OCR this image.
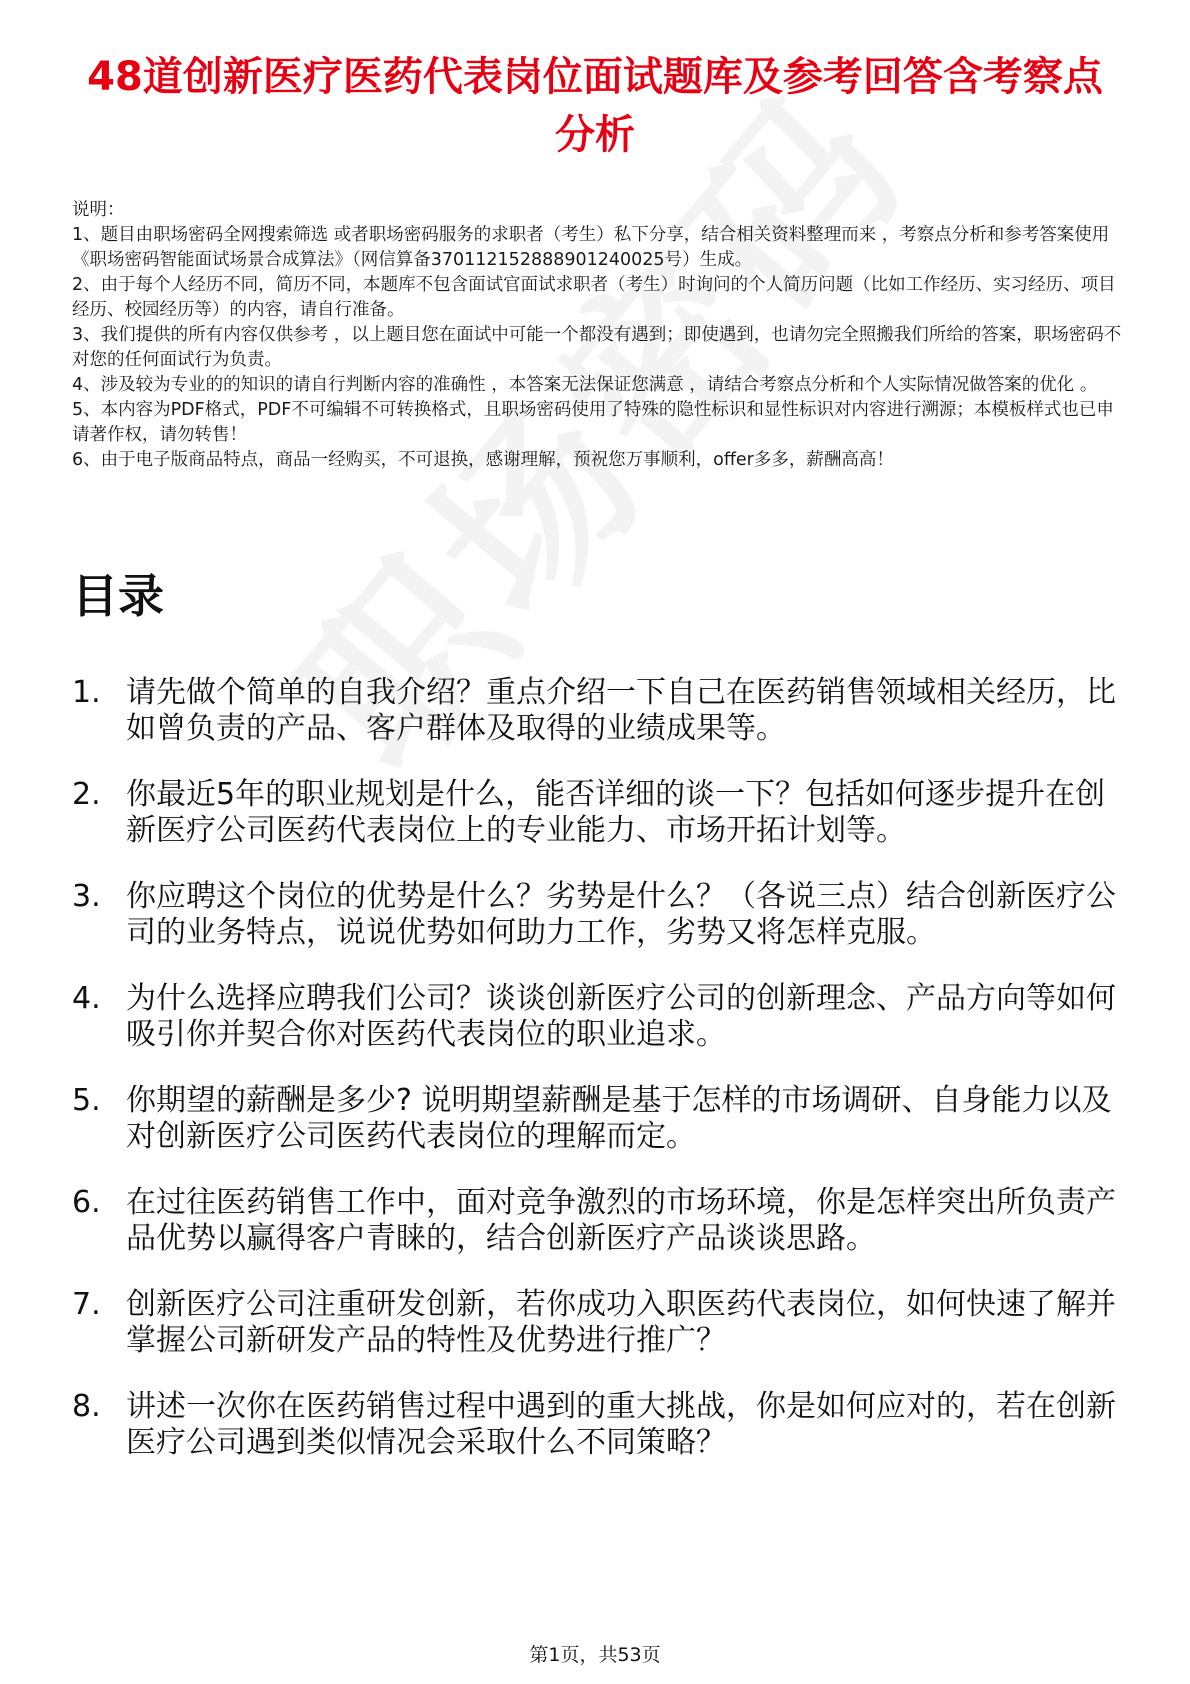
48道创新医疗医药代表岗位面试题库及参考回答含考察点分析

说明：

1、题目由职场密码全网搜索筛选 或者职场密码服务的求职者（考生）私下分享，结合相关资料整理而来 ，考察点分析和参考答案使用《职场密码智能面试场景合成算法》（网信算备370112152888901240025号）生成。

2、由于每个人经历不同，简历不同，本题库不包含面试官面试求职者（考生）时询问的个人简历问题（比如工作经历、实习经历、项目经历、校园经历等）的内容，请自行准备。

3、我们提供的所有内容仅供参考 ，以上题目您在面试中可能一个都没有遇到；即使遇到，也请勿完全照搬我们所给的答案，职场密码不对您的任何面试行为负责。

4、涉及较为专业的的知识的请自行判断内容的准确性 ，本答案无法保证您满意 ，请结合考察点分析和个人实际情况做答案的优化 。

5、本内容为PDF格式，PDF不可编辑不可转换格式，且职场密码使用了特殊的隐性标识和显性标识对内容进行溯源；本模板样式也已申请著作权，请勿转售！

6、由于电子版商品特点，商品一经购买，不可退换，感谢理解，预祝您万事顺利，offer多多，薪酬高高！

目录
1. 请先做个简单的自我介绍？重点介绍一下自己在医药销售领域相关经历，比如曾负责的产品、客户群体及取得的业绩成果等。
2. 你最近5年的职业规划是什么，能否详细的谈一下？包括如何逐步提升在创新医疗公司医药代表岗位上的专业能力、市场开拓计划等。
3. 你应聘这个岗位的优势是什么？劣势是什么？（各说三点）结合创新医疗公司的业务特点，说说优势如何助力工作，劣势又将怎样克服。
4. 为什么选择应聘我们公司？谈谈创新医疗公司的创新理念、产品方向等如何吸引你并契合你对医药代表岗位的职业追求。
5. 你期望的薪酬是多少? 说明期望薪酬是基于怎样的市场调研、自身能力以及对创新医疗公司医药代表岗位的理解而定。
6. 在过往医药销售工作中，面对竞争激烈的市场环境，你是怎样突出所负责产品优势以赢得客户青睐的，结合创新医疗产品谈谈思路。
7. 创新医疗公司注重研发创新，若你成功入职医药代表岗位，如何快速了解并掌握公司新研发产品的特性及优势进行推广？
8. 讲述一次你在医药销售过程中遇到的重大挑战，你是如何应对的，若在创新医疗公司遇到类似情况会采取什么不同策略？
第1页，共53页
